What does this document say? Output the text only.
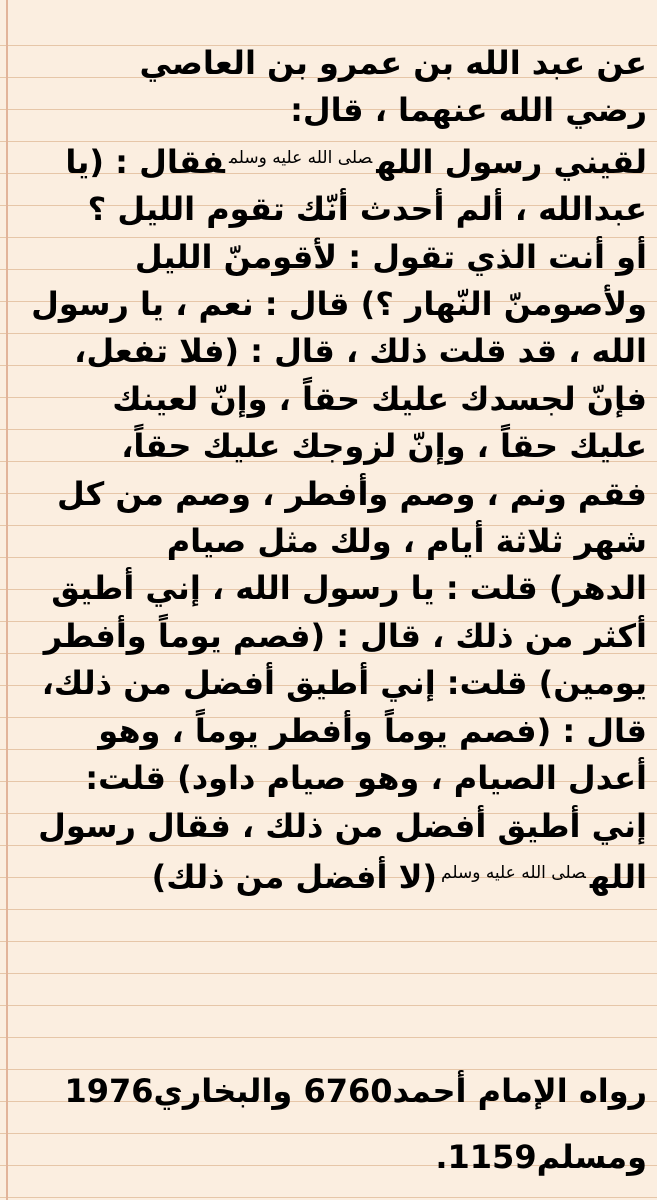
عن عبد الله بن عمرو بن العاصي
رضي الله عنهما ، قال:
لقيني رسول الله$^{صلى الله عليه وسلم}$فقال : (يا
عبدالله ، ألم أحدث أنّك تقوم الليل ؟
أو أنت الذي تقول : لأقومنّ الليل
ولأصومنّ النّهار ؟) قال : نعم ، يا رسول
الله ، قد قلت ذلك ، قال : (فلا تفعل،
فإنّ لجسدك عليك حقاً ، وإنّ لعينك
عليك حقاً ، وإنّ لزوجك عليك حقاً،
فقم ونم ، وصم وأفطر ، وصم من كل
شهر ثلاثة أيام ، ولك مثل صيام
الدهر) قلت : يا رسول الله ، إني أطيق
أكثر من ذلك ، قال : (فصم يوماً وأفطر
يومين) قلت: إني أطيق أفضل من ذلك،
قال : (فصم يوماً وأفطر يوماً ، وهو
أعدل الصيام ، وهو صيام داود) قلت:
إني أطيق أفضل من ذلك ، فقال رسول
الله$^{صلى الله عليه وسلم}$(لا أفضل من ذلك)

رواه الإمام أحمد6760 والبخاري1976
ومسلم1159.
